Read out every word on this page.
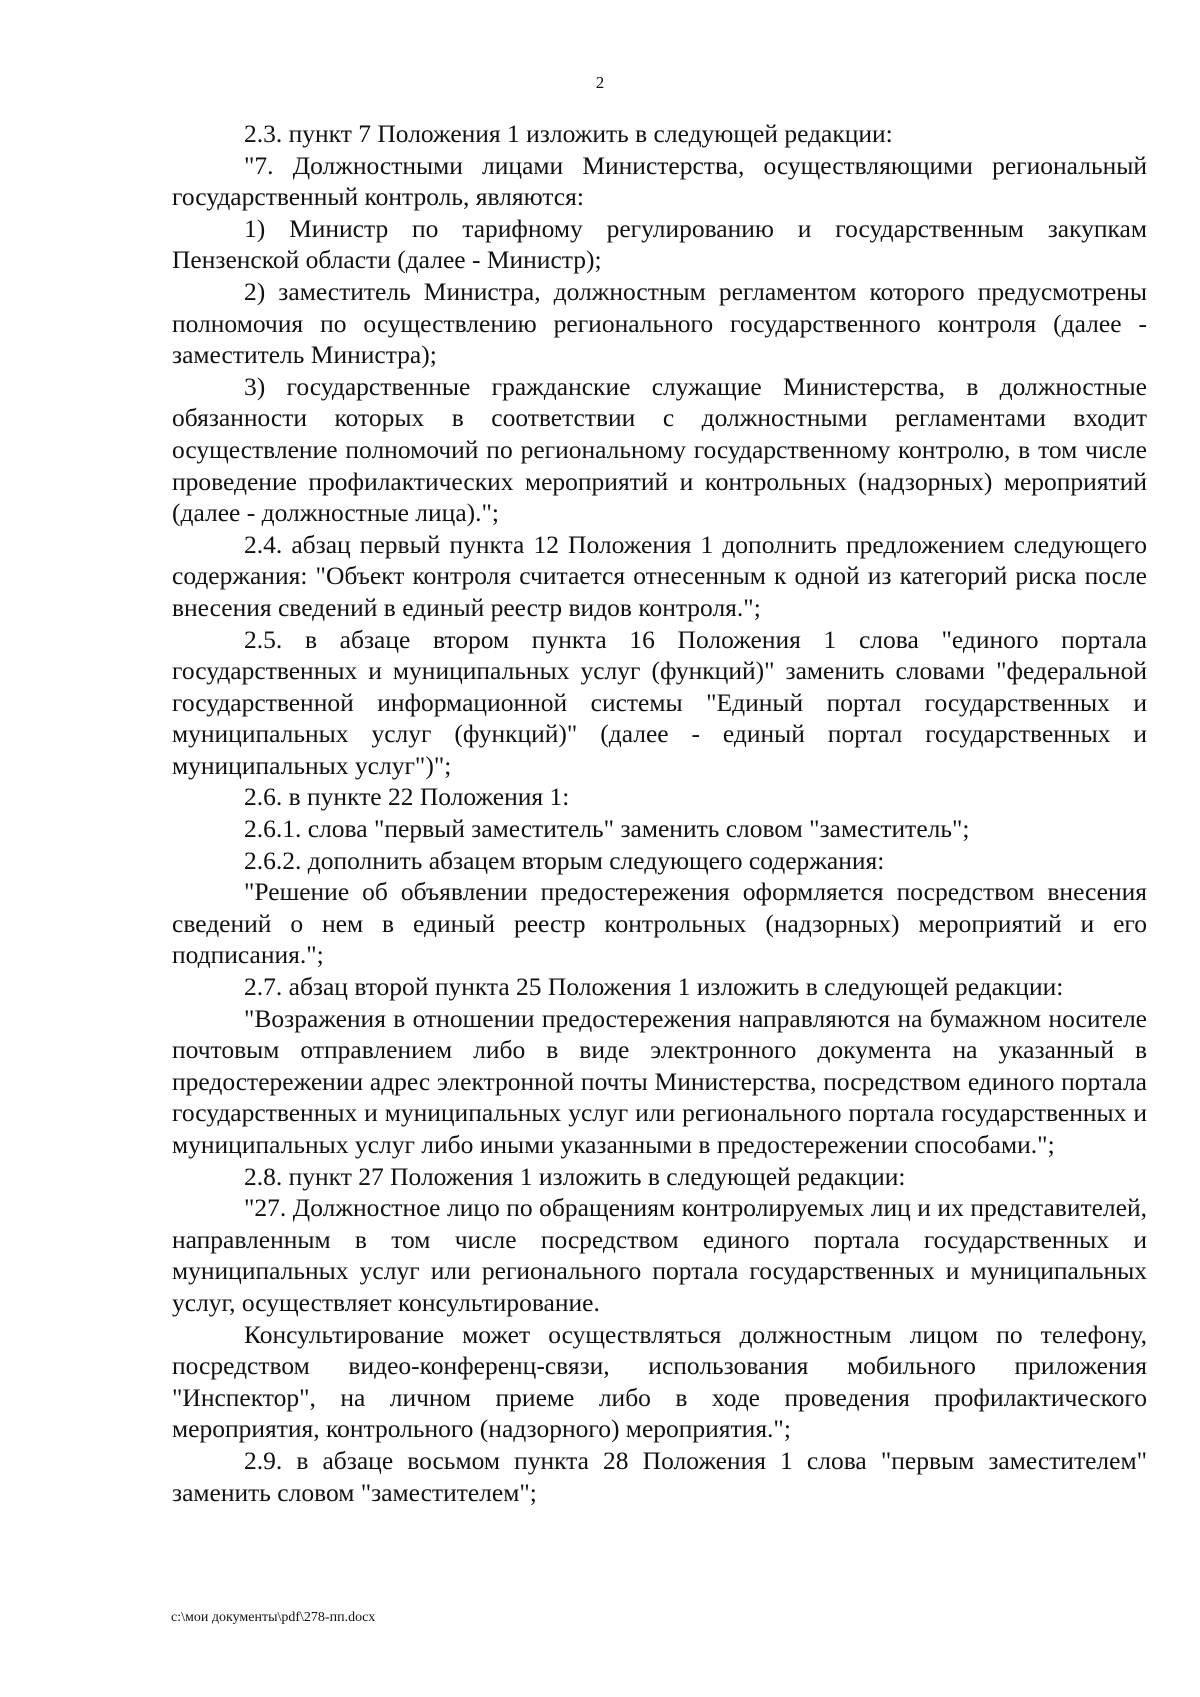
2

2.3. пункт 7 Положения 1 изложить в следующей редакции:

"7. Должностными лицами Министерства, осуществляющими региональный государственный контроль, являются:

1) Министр по тарифному регулированию и государственным закупкам Пензенской области (далее - Министр);

2) заместитель Министра, должностным регламентом которого предусмотрены полномочия по осуществлению регионального государственного контроля (далее - заместитель Министра);

3) государственные гражданские служащие Министерства, в должностные обязанности которых в соответствии с должностными регламентами входит осуществление полномочий по региональному государственному контролю, в том числе проведение профилактических мероприятий и контрольных (надзорных) мероприятий (далее - должностные лица).";

2.4. абзац первый пункта 12 Положения 1 дополнить предложением следующего содержания: "Объект контроля считается отнесенным к одной из категорий риска после внесения сведений в единый реестр видов контроля.";

2.5. в абзаце втором пункта 16 Положения 1 слова "единого портала государственных и муниципальных услуг (функций)" заменить словами "федеральной государственной информационной системы "Единый портал государственных и муниципальных услуг (функций)" (далее - единый портал государственных и муниципальных услуг")";

2.6. в пункте 22 Положения 1:

2.6.1. слова "первый заместитель" заменить словом "заместитель";

2.6.2. дополнить абзацем вторым следующего содержания:

"Решение об объявлении предостережения оформляется посредством внесения сведений о нем в единый реестр контрольных (надзорных) мероприятий и его подписания.";

2.7. абзац второй пункта 25 Положения 1 изложить в следующей редакции:

"Возражения в отношении предостережения направляются на бумажном носителе почтовым отправлением либо в виде электронного документа на указанный в предостережении адрес электронной почты Министерства, посредством единого портала государственных и муниципальных услуг или регионального портала государственных и муниципальных услуг либо иными указанными в предостережении способами.";

2.8. пункт 27 Положения 1 изложить в следующей редакции:

"27. Должностное лицо по обращениям контролируемых лиц и их представителей, направленным в том числе посредством единого портала государственных и муниципальных услуг или регионального портала государственных и муниципальных услуг, осуществляет консультирование.

Консультирование может осуществляться должностным лицом по телефону, посредством видео-конференц-связи, использования мобильного приложения "Инспектор", на личном приеме либо в ходе проведения профилактического мероприятия, контрольного (надзорного) мероприятия.";

2.9. в абзаце восьмом пункта 28 Положения 1 слова "первым заместителем" заменить словом "заместителем";

c:\мои документы\pdf\278-пп.docx
